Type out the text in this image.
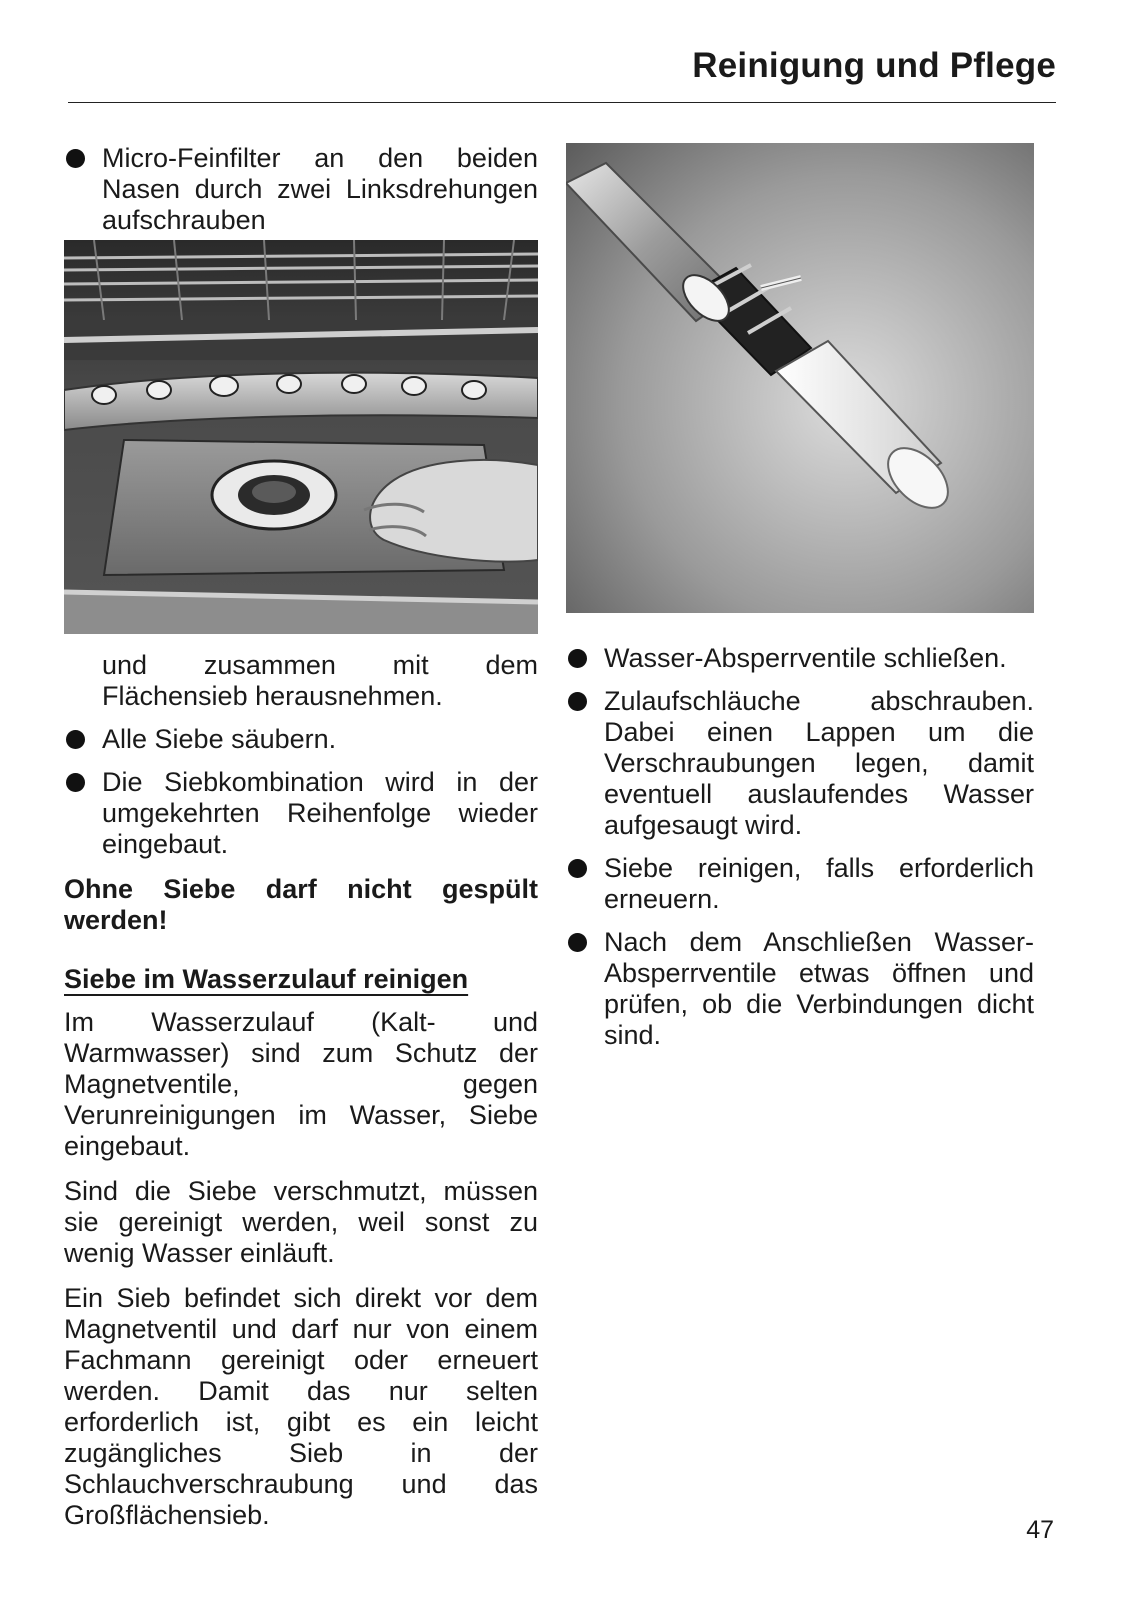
Reinigung und Pflege

Micro-Feinfilter an den beiden Nasen durch zwei Linksdrehungen aufschrauben

und zusammen mit dem Flächensieb herausnehmen.

Alle Siebe säubern.

Die Siebkombination wird in der umgekehrten Reihenfolge wieder eingebaut.

Ohne Siebe darf nicht gespült werden!

Siebe im Wasserzulauf reinigen

Im Wasserzulauf (Kalt- und Warmwasser) sind zum Schutz der Magnetventile, gegen Verunreinigungen im Wasser, Siebe eingebaut.

Sind die Siebe verschmutzt, müssen sie gereinigt werden, weil sonst zu wenig Wasser einläuft.

Ein Sieb befindet sich direkt vor dem Magnetventil und darf nur von einem Fachmann gereinigt oder erneuert werden. Damit das nur selten erforderlich ist, gibt es ein leicht zugängliches Sieb in der Schlauchverschraubung und das Großflächensieb.

Wasser-Absperrventile schließen.

Zulaufschläuche abschrauben. Dabei einen Lappen um die Verschraubungen legen, damit eventuell auslaufendes Wasser aufgesaugt wird.

Siebe reinigen, falls erforderlich erneuern.

Nach dem Anschließen Wasser-Absperrventile etwas öffnen und prüfen, ob die Verbindungen dicht sind.

47
